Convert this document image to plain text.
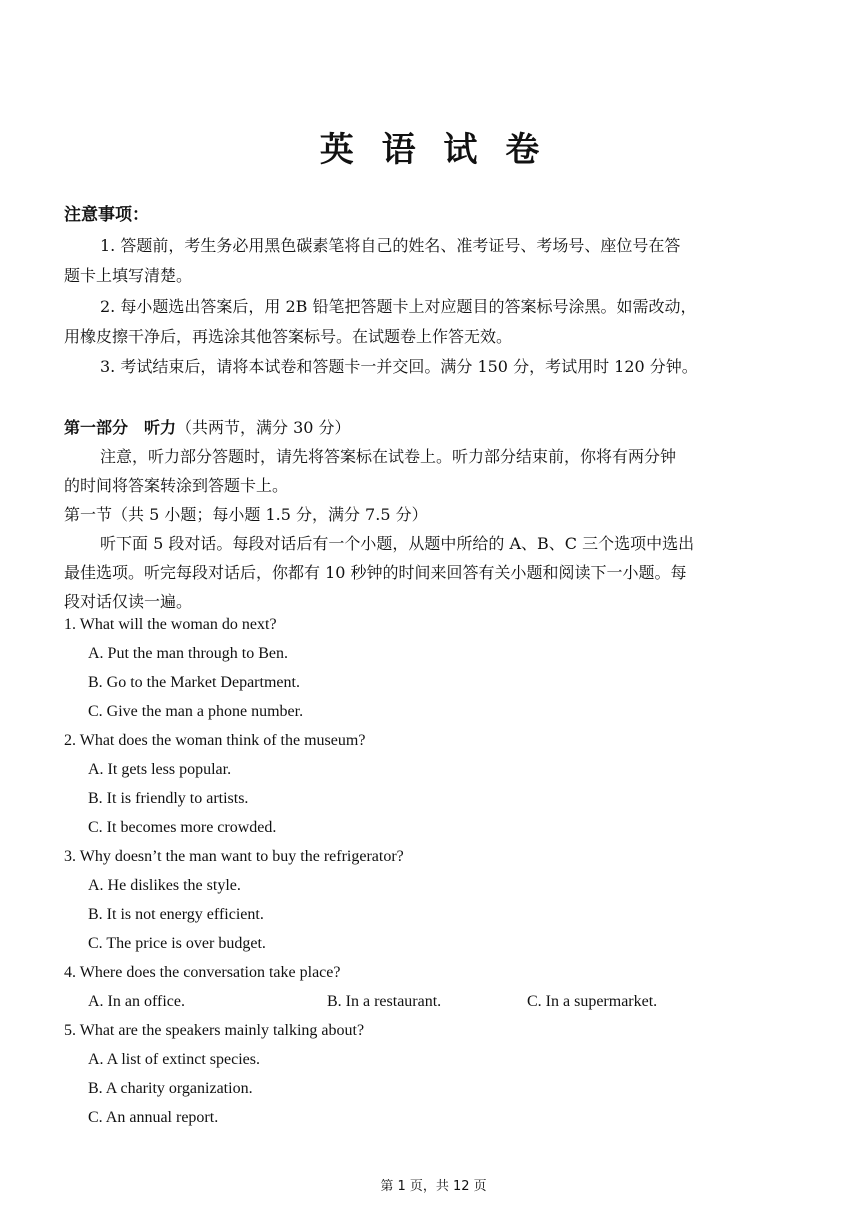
英 语 试 卷
注意事项：
1. 答题前，考生务必用黑色碳素笔将自己的姓名、准考证号、考场号、座位号在答
题卡上填写清楚。
2. 每小题选出答案后，用 2B 铅笔把答题卡上对应题目的答案标号涂黑。如需改动，
用橡皮擦干净后，再选涂其他答案标号。在试题卷上作答无效。
3. 考试结束后，请将本试卷和答题卡一并交回。满分 150 分，考试用时 120 分钟。
第一部分　听力（共两节，满分 30 分）
注意，听力部分答题时，请先将答案标在试卷上。听力部分结束前，你将有两分钟
的时间将答案转涂到答题卡上。
第一节（共 5 小题；每小题 1.5 分，满分 7.5 分）
听下面 5 段对话。每段对话后有一个小题，从题中所给的 A、B、C 三个选项中选出
最佳选项。听完每段对话后，你都有 10 秒钟的时间来回答有关小题和阅读下一小题。每
段对话仅读一遍。
1. What will the woman do next?
A. Put the man through to Ben.
B. Go to the Market Department.
C. Give the man a phone number.
2. What does the woman think of the museum?
A. It gets less popular.
B. It is friendly to artists.
C. It becomes more crowded.
3. Why doesn’t the man want to buy the refrigerator?
A. He dislikes the style.
B. It is not energy efficient.
C. The price is over budget.
4. Where does the conversation take place?
A. In an office.	B. In a restaurant.	C. In a supermarket.
5. What are the speakers mainly talking about?
A. A list of extinct species.
B. A charity organization.
C. An annual report.
第 1 页，共 12 页
